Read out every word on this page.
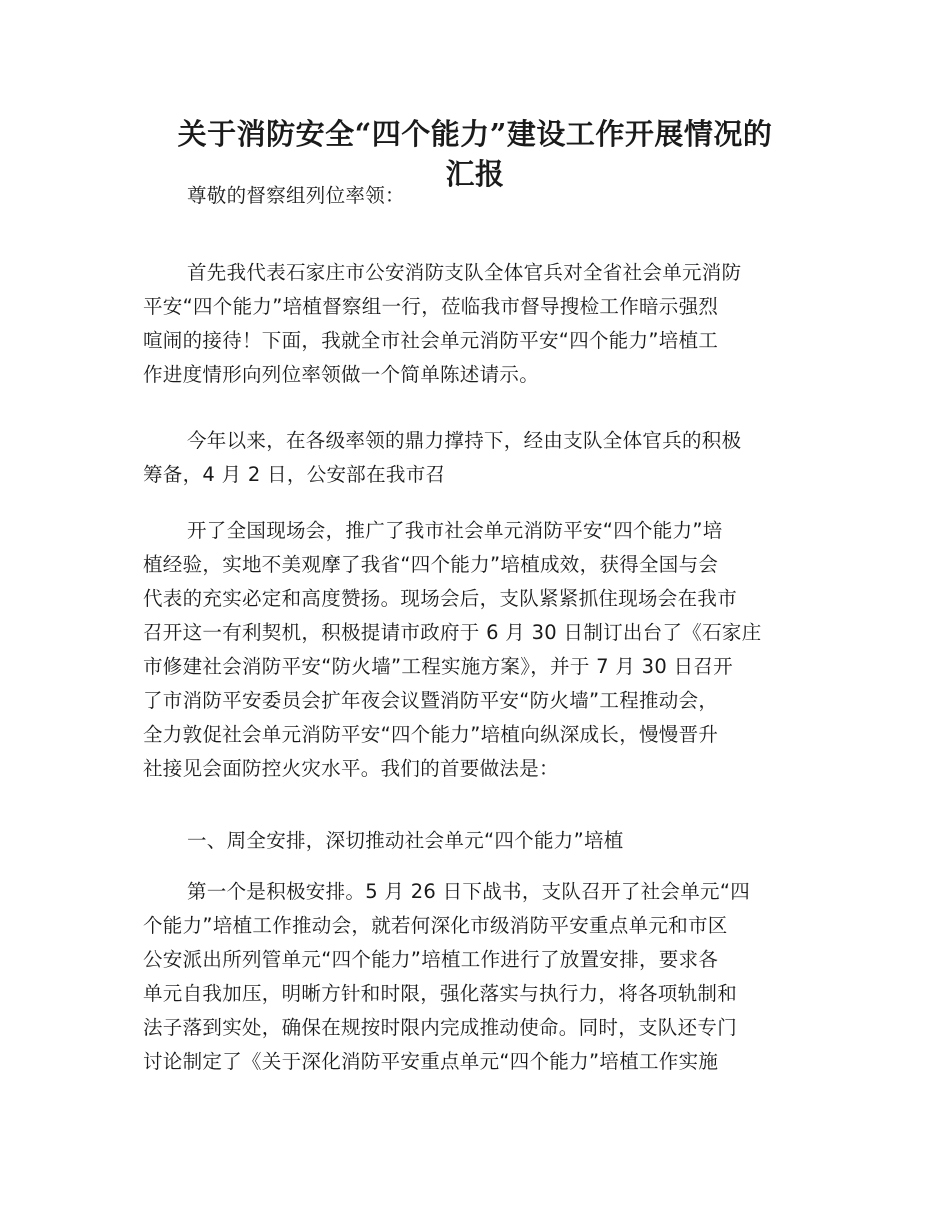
关于消防安全“四个能力”建设工作开展情况的
汇报
尊敬的督察组列位率领：
首先我代表石家庄市公安消防支队全体官兵对全省社会单元消防
平安“四个能力”培植督察组一行，莅临我市督导搜检工作暗示强烈
喧闹的接待！下面，我就全市社会单元消防平安“四个能力”培植工
作进度情形向列位率领做一个简单陈述请示。
今年以来，在各级率领的鼎力撑持下，经由支队全体官兵的积极
筹备，4 月 2 日，公安部在我市召
开了全国现场会，推广了我市社会单元消防平安“四个能力”培
植经验，实地不美观摩了我省“四个能力”培植成效，获得全国与会
代表的充实必定和高度赞扬。现场会后，支队紧紧抓住现场会在我市
召开这一有利契机，积极提请市政府于 6 月 30 日制订出台了《石家庄
市修建社会消防平安“防火墙”工程实施方案》，并于 7 月 30 日召开
了市消防平安委员会扩年夜会议暨消防平安“防火墙”工程推动会，
全力敦促社会单元消防平安“四个能力”培植向纵深成长，慢慢晋升
社接见会面防控火灾水平。我们的首要做法是：
一、周全安排，深切推动社会单元“四个能力”培植
第一个是积极安排。5 月 26 日下战书，支队召开了社会单元“四
个能力”培植工作推动会，就若何深化市级消防平安重点单元和市区
公安派出所列管单元“四个能力”培植工作进行了放置安排，要求各
单元自我加压，明晰方针和时限，强化落实与执行力，将各项轨制和
法子落到实处，确保在规按时限内完成推动使命。同时，支队还专门
讨论制定了《关于深化消防平安重点单元“四个能力”培植工作实施
